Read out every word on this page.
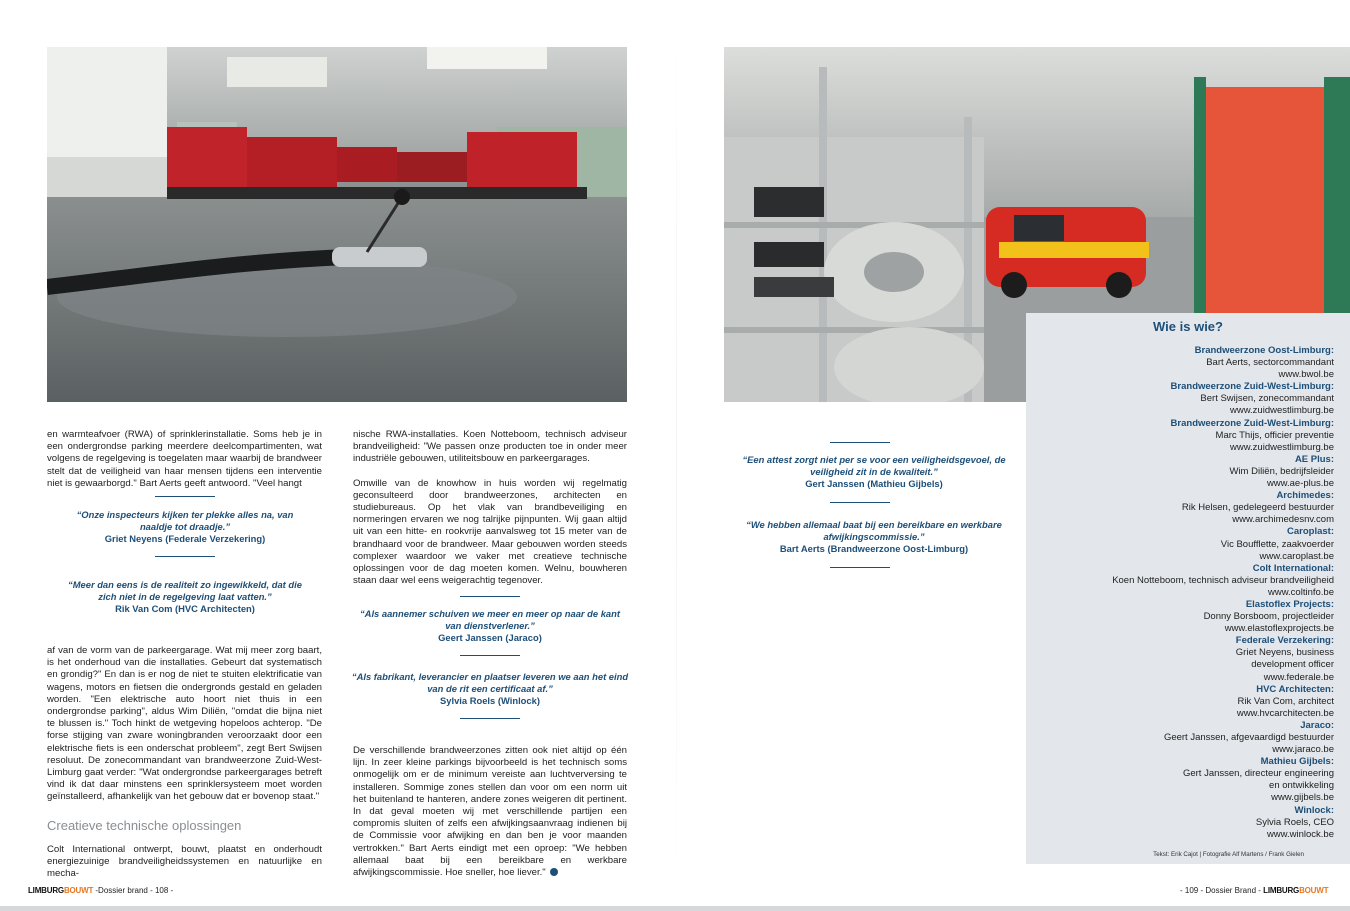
en warmteafvoer (RWA) of sprinklerinstallatie. Soms heb je in een ondergrondse parking meerdere deelcompartimenten, wat volgens de regelgeving is toegelaten maar waarbij de brandweer stelt dat de veiligheid van haar mensen tijdens een interventie niet is gewaarborgd." Bart Aerts geeft antwoord. "Veel hangt

“Onze inspecteurs kijken ter plekke alles na, van naaldje tot draadje.”
Griet Neyens (Federale Verzekering)
“Meer dan eens is de realiteit zo ingewikkeld, dat die zich niet in de regelgeving laat vatten.”
Rik Van Com (HVC Architecten)

af van de vorm van de parkeergarage. Wat mij meer zorg baart, is het onderhoud van die installaties. Gebeurt dat systematisch en grondig?" En dan is er nog de niet te stuiten elektrificatie van wagens, motors en fietsen die ondergronds gestald en geladen worden. "Een elektrische auto hoort niet thuis in een ondergrondse parking", aldus Wim Diliën, "omdat die bijna niet te blussen is." Toch hinkt de wetgeving hopeloos achterop. "De forse stijging van zware woningbranden veroorzaakt door een elektrische fiets is een onderschat probleem", zegt Bert Swijsen resoluut. De zonecommandant van brandweerzone Zuid-West-Limburg gaat verder: "Wat ondergrondse parkeergarages betreft vind ik dat daar minstens een sprinklersysteem moet worden geïnstalleerd, afhankelijk van het gebouw dat er bovenop staat."

Creatieve technische oplossingen

Colt International ontwerpt, bouwt, plaatst en onderhoudt energiezuinige brandveiligheidssystemen en natuurlijke en mecha-

nische RWA-installaties. Koen Notteboom, technisch adviseur brandveiligheid: "We passen onze producten toe in onder meer industriële gebouwen, utiliteitsbouw en parkeergarages.

Omwille van de knowhow in huis worden wij regelmatig geconsulteerd door brandweerzones, architecten en studiebureaus. Op het vlak van brandbeveiliging en normeringen ervaren we nog talrijke pijnpunten. Wij gaan altijd uit van een hitte- en rookvrije aanvalsweg tot 15 meter van de brandhaard voor de brandweer. Maar gebouwen worden steeds complexer waardoor we vaker met creatieve technische oplossingen voor de dag moeten komen. Welnu, bouwheren staan daar wel eens weigerachtig tegenover.

“Als aannemer schuiven we meer en meer op naar de kant van dienstverlener.”
Geert Janssen (Jaraco)
“Als fabrikant, leverancier en plaatser leveren we aan het eind van de rit een certificaat af.”
Sylvia Roels (Winlock)

De verschillende brandweerzones zitten ook niet altijd op één lijn. In zeer kleine parkings bijvoorbeeld is het technisch soms onmogelijk om er de minimum vereiste aan luchtverversing te installeren. Sommige zones stellen dan voor om een norm uit het buitenland te hanteren, andere zones weigeren dit pertinent. In dat geval moeten wij met verschillende partijen een compromis sluiten of zelfs een afwijkingsaanvraag indienen bij de Commissie voor afwijking en dan ben je voor maanden vertrokken." Bart Aerts eindigt met een oproep: "We hebben allemaal baat bij een bereikbare en werkbare afwijkingscommissie. Hoe sneller, hoe liever."

LIMBURGBOUWT -Dossier brand - 108 -
“Een attest zorgt niet per se voor een veiligheidsgevoel, de veiligheid zit in de kwaliteit.”
Gert Janssen (Mathieu Gijbels)
“We hebben allemaal baat bij een bereikbare en werkbare afwijkingscommissie.”
Bart Aerts (Brandweerzone Oost-Limburg)
Wie is wie?
Brandweerzone Oost-Limburg:
Bart Aerts, sectorcommandant
www.bwol.be
Brandweerzone Zuid-West-Limburg:
Bert Swijsen, zonecommandant
www.zuidwestlimburg.be
Brandweerzone Zuid-West-Limburg:
Marc Thijs, officier preventie
www.zuidwestlimburg.be
AE Plus:
Wim Diliën, bedrijfsleider
www.ae-plus.be
Archimedes:
Rik Helsen, gedelegeerd bestuurder
www.archimedesnv.com
Caroplast:
Vic Boufflette, zaakvoerder
www.caroplast.be
Colt International:
Koen Notteboom, technisch adviseur brandveiligheid
www.coltinfo.be
Elastoflex Projects:
Donny Borsboom, projectleider
www.elastoflexprojects.be
Federale Verzekering:
Griet Neyens, business
development officer
www.federale.be
HVC Architecten:
Rik Van Com, architect
www.hvcarchitecten.be
Jaraco:
Geert Janssen, afgevaardigd bestuurder
www.jaraco.be
Mathieu Gijbels:
Gert Janssen, directeur engineering
en ontwikkeling
www.gijbels.be
Winlock:
Sylvia Roels, CEO
www.winlock.be
Tekst: Erik Cajot | Fotografie Alf Martens / Frank Gielen
- 109 - Dossier Brand - LIMBURGBOUWT
